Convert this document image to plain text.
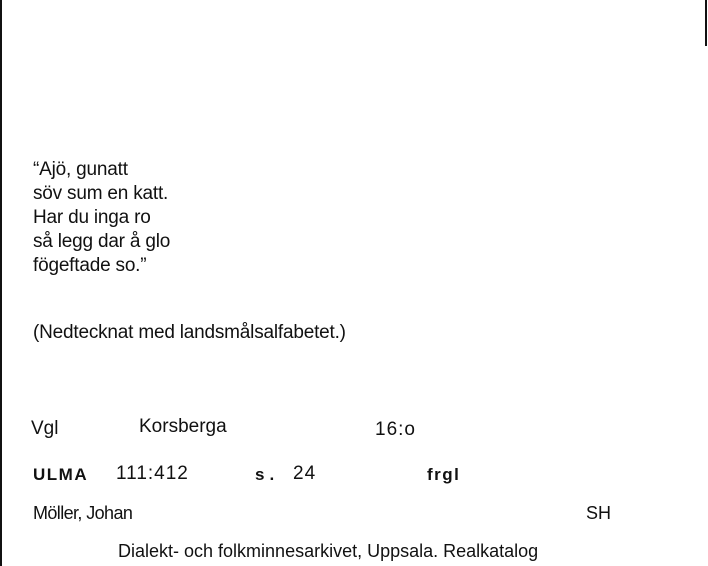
“Ajö, gunatt
söv sum en katt.
Har du inga ro
så legg dar å glo
fögeftade so.”
(Nedtecknat med landsmålsalfabetet.)
Vgl	Korsberga	16:o
ULMA 111:412	s. 24	frgl
Möller, Johan	SH
Dialekt- och folkminnesarkivet, Uppsala. Realkatalog
